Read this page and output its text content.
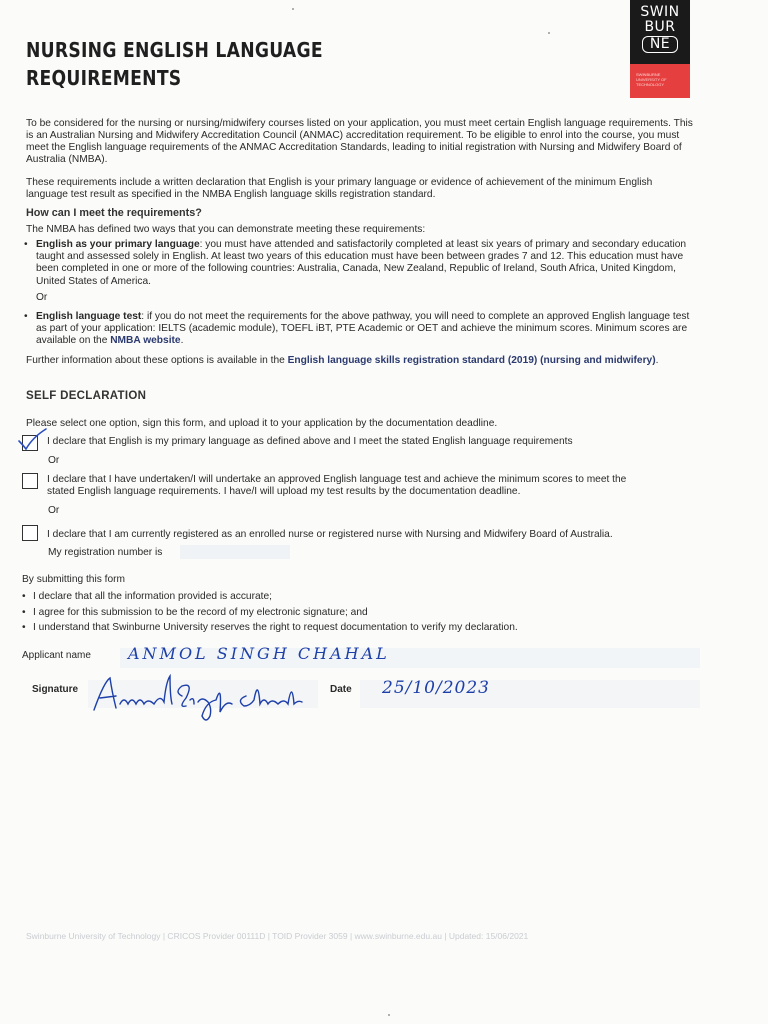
NURSING ENGLISH LANGUAGE REQUIREMENTS
SWIN
BUR
NE
SWINBURNE UNIVERSITY OF TECHNOLOGY
To be considered for the nursing or nursing/midwifery courses listed on your application, you must meet certain English language requirements. This is an Australian Nursing and Midwifery Accreditation Council (ANMAC) accreditation requirement. To be eligible to enrol into the course, you must meet the English language requirements of the ANMAC Accreditation Standards, leading to initial registration with Nursing and Midwifery Board of Australia (NMBA).
These requirements include a written declaration that English is your primary language or evidence of achievement of the minimum English language test result as specified in the NMBA English language skills registration standard.
How can I meet the requirements?
The NMBA has defined two ways that you can demonstrate meeting these requirements:
• English as your primary language: you must have attended and satisfactorily completed at least six years of primary and secondary education taught and assessed solely in English. At least two years of this education must have been between grades 7 and 12. This education must have been completed in one or more of the following countries: Australia, Canada, New Zealand, Republic of Ireland, South Africa, United Kingdom, United States of America.
Or
• English language test: if you do not meet the requirements for the above pathway, you will need to complete an approved English language test as part of your application: IELTS (academic module), TOEFL iBT, PTE Academic or OET and achieve the minimum scores. Minimum scores are available on the NMBA website.
Further information about these options is available in the English language skills registration standard (2019) (nursing and midwifery).
SELF DECLARATION
Please select one option, sign this form, and upload it to your application by the documentation deadline.
I declare that English is my primary language as defined above and I meet the stated English language requirements
Or
I declare that I have undertaken/I will undertake an approved English language test and achieve the minimum scores to meet the stated English language requirements. I have/I will upload my test results by the documentation deadline.
Or
I declare that I am currently registered as an enrolled nurse or registered nurse with Nursing and Midwifery Board of Australia.
My registration number is
By submitting this form
• I declare that all the information provided is accurate;
• I agree for this submission to be the record of my electronic signature; and
• I understand that Swinburne University reserves the right to request documentation to verify my declaration.
Applicant name ANMOL SINGH CHAHAL
Signature	Date 25/10/2023
Swinburne University of Technology | CRICOS Provider 00111D | TOID Provider 3059 | www.swinburne.edu.au | Updated: 15/06/2021
